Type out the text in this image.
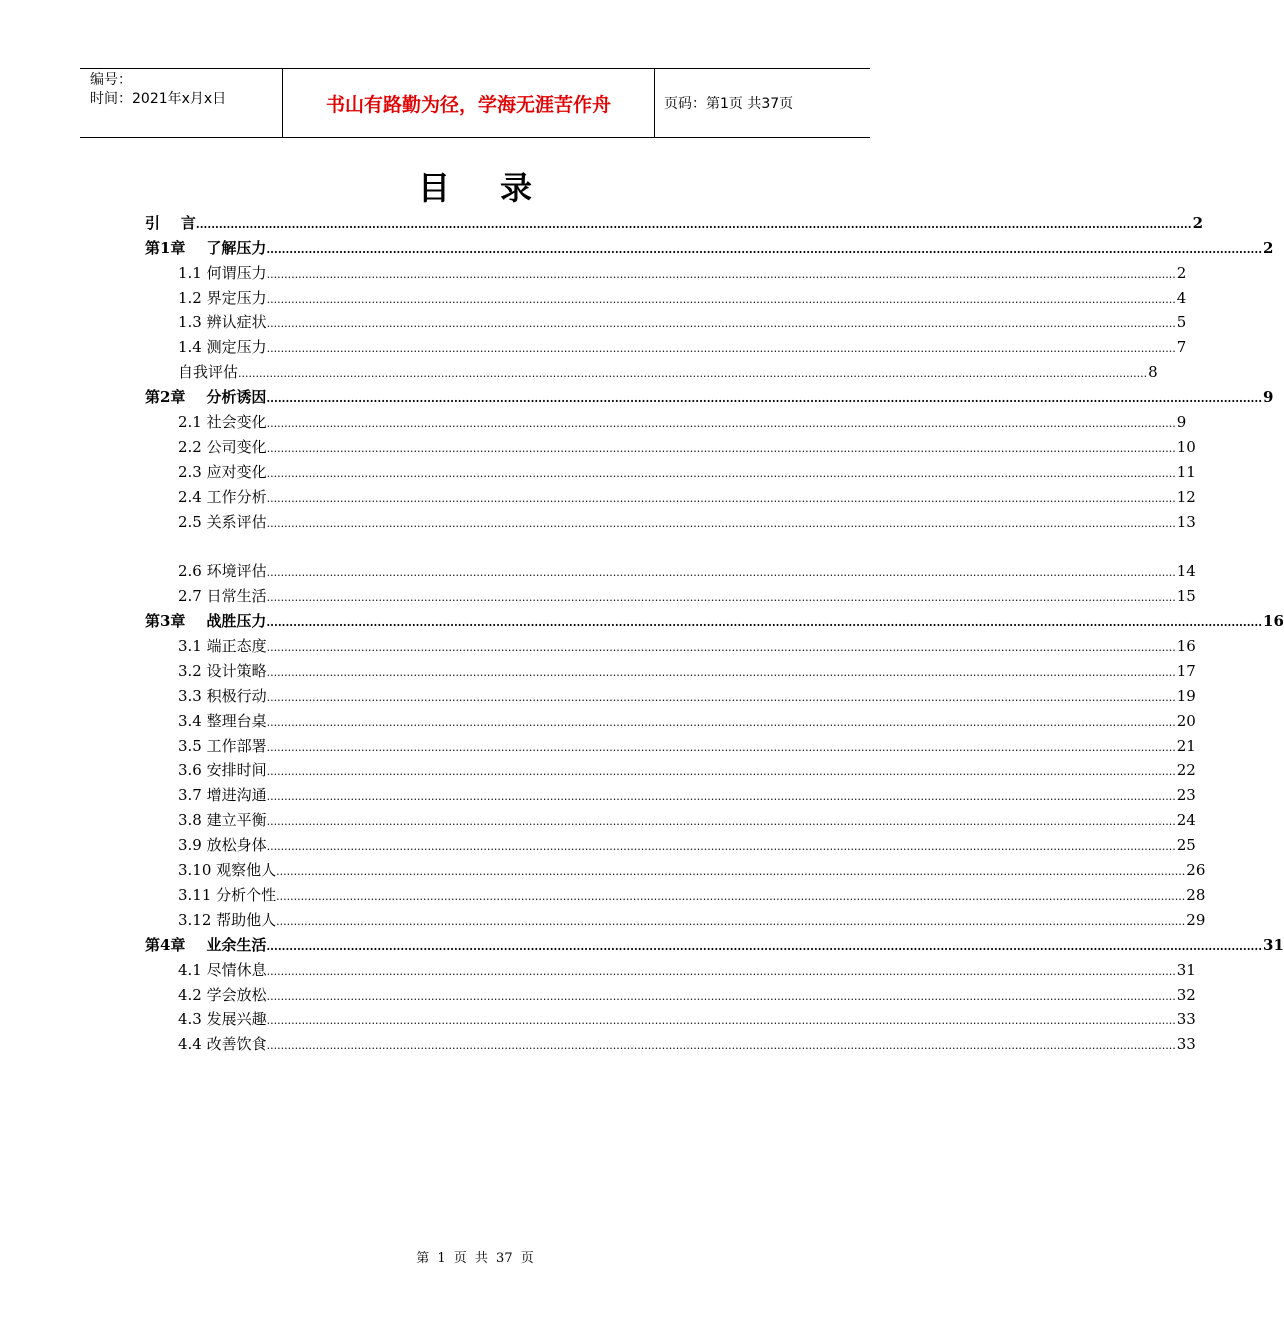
编号：
时间：2021年x月x日	书山有路勤为径，学海无涯苦作舟	页码：第1页 共37页
目录
引    言 .................................................................................................................................................................................................................................................................... 2
第1章    了解压力 .................................................................................................................................................................................................................................................................... 2
1.1 何谓压力 .................................................................................................................................................................................................................................................................... 2
1.2 界定压力 .................................................................................................................................................................................................................................................................... 4
1.3 辨认症状 .................................................................................................................................................................................................................................................................... 5
1.4 测定压力 .................................................................................................................................................................................................................................................................... 7
自我评估 .................................................................................................................................................................................................................................................................... 8
第2章    分析诱因 .................................................................................................................................................................................................................................................................... 9
2.1 社会变化 .................................................................................................................................................................................................................................................................... 9
2.2 公司变化 .................................................................................................................................................................................................................................................................... 10
2.3 应对变化 .................................................................................................................................................................................................................................................................... 11
2.4 工作分析 .................................................................................................................................................................................................................................................................... 12
2.5 关系评估 .................................................................................................................................................................................................................................................................... 13
2.6 环境评估 .................................................................................................................................................................................................................................................................... 14
2.7 日常生活 .................................................................................................................................................................................................................................................................... 15
第3章    战胜压力 .................................................................................................................................................................................................................................................................... 16
3.1 端正态度 .................................................................................................................................................................................................................................................................... 16
3.2 设计策略 .................................................................................................................................................................................................................................................................... 17
3.3 积极行动 .................................................................................................................................................................................................................................................................... 19
3.4 整理台桌 .................................................................................................................................................................................................................................................................... 20
3.5 工作部署 .................................................................................................................................................................................................................................................................... 21
3.6 安排时间 .................................................................................................................................................................................................................................................................... 22
3.7 增进沟通 .................................................................................................................................................................................................................................................................... 23
3.8 建立平衡 .................................................................................................................................................................................................................................................................... 24
3.9 放松身体 .................................................................................................................................................................................................................................................................... 25
3.10 观察他人 .................................................................................................................................................................................................................................................................... 26
3.11 分析个性 .................................................................................................................................................................................................................................................................... 28
3.12 帮助他人 .................................................................................................................................................................................................................................................................... 29
第4章    业余生活 .................................................................................................................................................................................................................................................................... 31
4.1 尽情休息 .................................................................................................................................................................................................................................................................... 31
4.2 学会放松 .................................................................................................................................................................................................................................................................... 32
4.3 发展兴趣 .................................................................................................................................................................................................................................................................... 33
4.4 改善饮食 .................................................................................................................................................................................................................................................................... 33
第 1 页 共 37 页
